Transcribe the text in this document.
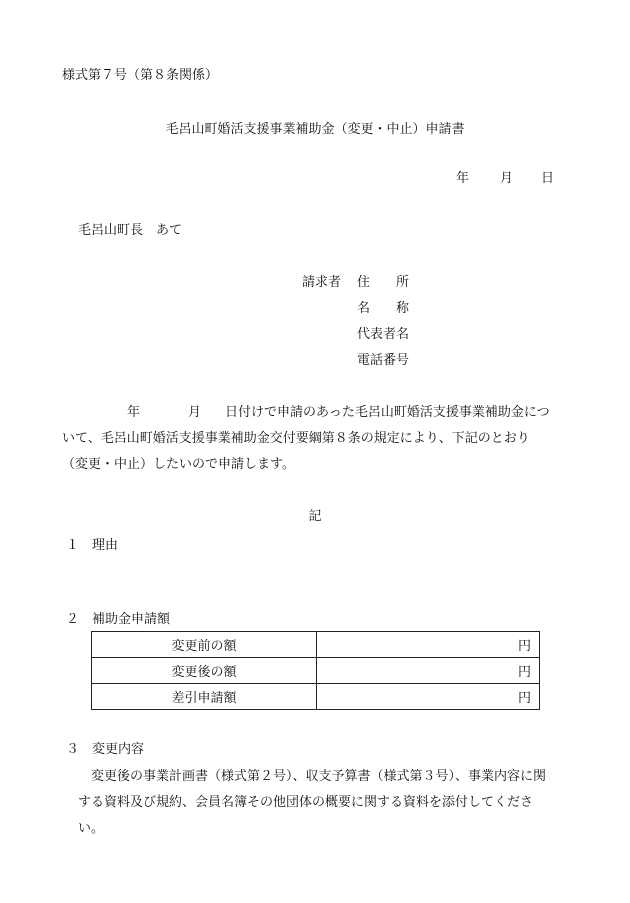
様式第７号（第８条関係）
毛呂山町婚活支援事業補助金（変更・中止）申請書
年 月 日
毛呂山町長　あて
請求者 住　　所
名　　称
代表者名
電話番号
年	月 日付けで申請のあった毛呂山町婚活支援事業補助金について、毛呂山町婚活支援事業補助金交付要綱第８条の規定により、下記のとおり（変更・中止）したいので申請します。
記
１ 理由
２ 補助金申請額
変更前の額	円
変更後の額	円
差引申請額	円
３ 変更内容
変更後の事業計画書（様式第２号）、収支予算書（様式第３号）、事業内容に関する資料及び規約、会員名簿その他団体の概要に関する資料を添付してください。
